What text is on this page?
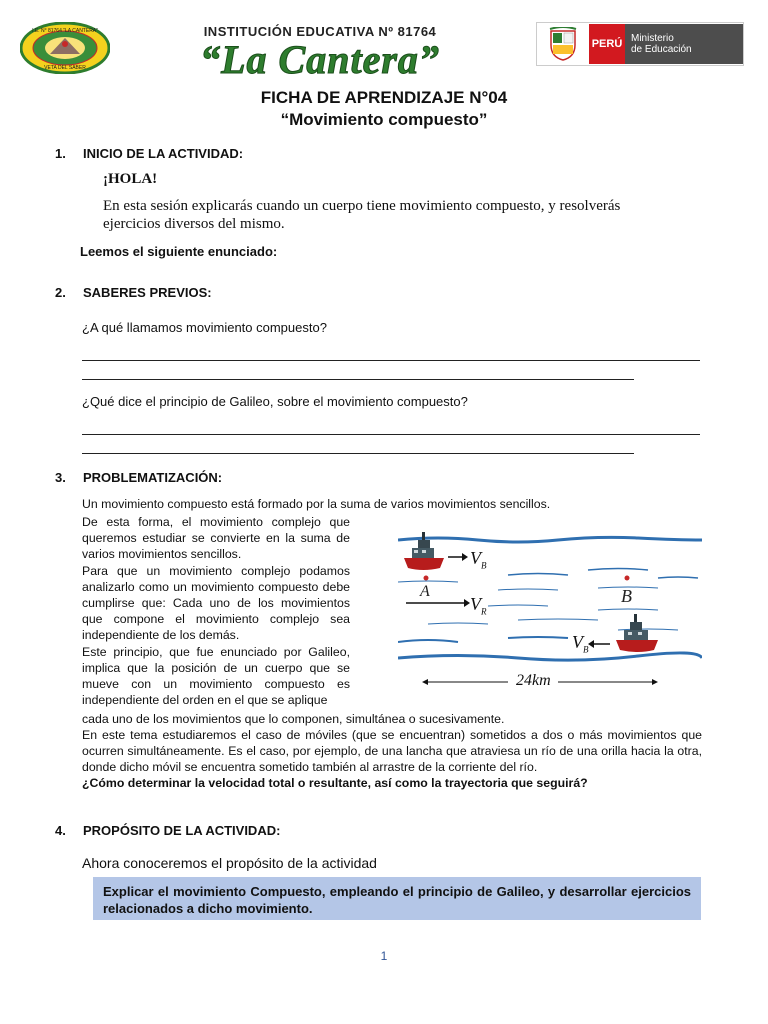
I.E. N° 81764 "LA CANTERA"
VETA DEL SABER
INSTITUCIÓN EDUCATIVA Nº 81764
“La Cantera”	PERÚ Ministerio
de Educación
FICHA DE APRENDIZAJE N°04
“Movimiento compuesto”
1. INICIO DE LA ACTIVIDAD:
¡HOLA!
En esta sesión explicarás cuando un cuerpo tiene movimiento compuesto, y resolverás ejercicios diversos del mismo.
Leemos el siguiente enunciado:
2. SABERES PREVIOS:
¿A qué llamamos movimiento compuesto?
¿Qué dice el principio de Galileo, sobre el movimiento compuesto?
3. PROBLEMATIZACIÓN:
Un movimiento compuesto está formado por la suma de varios movimientos sencillos.
De esta forma, el movimiento complejo que queremos estudiar se convierte en la suma de varios movimientos sencillos.
Para que un movimiento complejo podamos analizarlo como un movimiento compuesto debe cumplirse que: Cada uno de los movimientos que compone el movimiento complejo sea independiente de los demás.
Este principio, que fue enunciado por Galileo, implica que la posición de un cuerpo que se mueve con un movimiento compuesto es independiente del orden en el que se aplique
cada uno de los movimientos que lo componen, simultánea o sucesivamente.
En este tema estudiaremos el caso de móviles (que se encuentran) sometidos a dos o más movimientos que ocurren simultáneamente. Es el caso, por ejemplo, de una lancha que atraviesa un río de una orilla hacia la otra, donde dicho móvil se encuentra sometido también al arrastre de la corriente del río.
¿Cómo determinar la velocidad total o resultante, así como la trayectoria que seguirá?
A	B
$V_B$
$V_R$
$V_B$
24km
4. PROPÓSITO DE LA ACTIVIDAD:
Ahora conoceremos el propósito de la actividad
Explicar el movimiento Compuesto, empleando el principio de Galileo, y desarrollar ejercicios relacionados a dicho movimiento.
1
